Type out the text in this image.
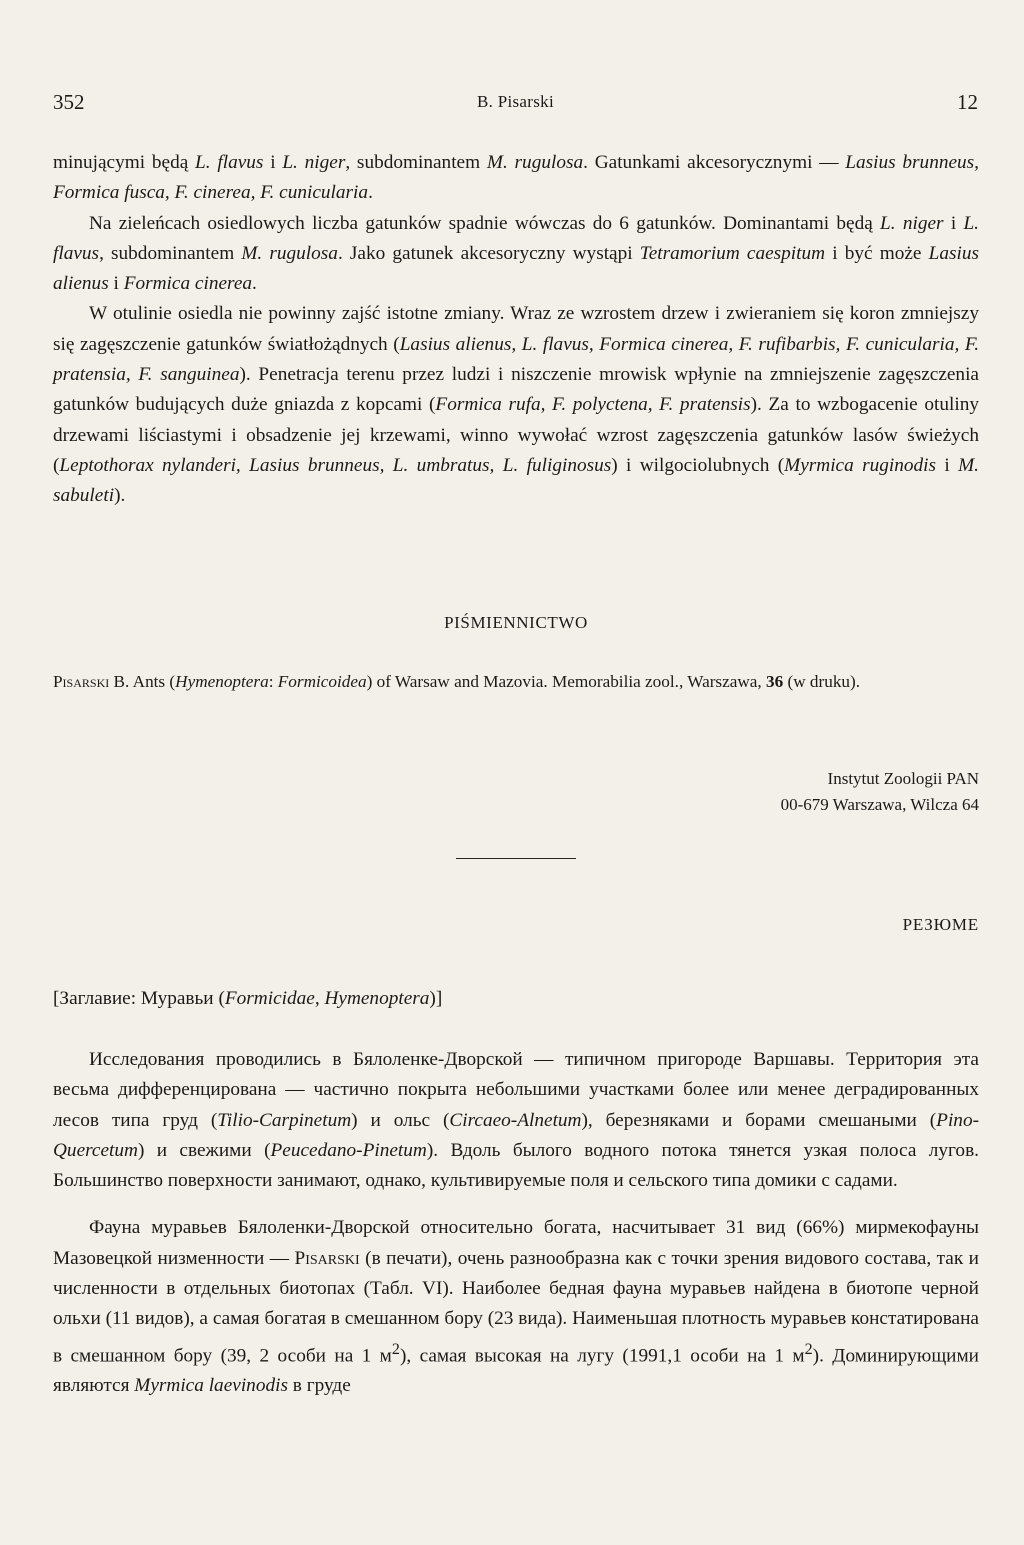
352	B. Pisarski	12

minującymi będą L. flavus i L. niger, subdominantem M. rugulosa. Gatunkami akcesorycznymi — Lasius brunneus, Formica fusca, F. cinerea, F. cunicularia.

Na zieleńcach osiedlowych liczba gatunków spadnie wówczas do 6 gatunków. Dominantami będą L. niger i L. flavus, subdominantem M. rugulosa. Jako gatunek akcesoryczny wystąpi Tetramorium caespitum i być może Lasius alienus i Formica cinerea.

W otulinie osiedla nie powinny zajść istotne zmiany. Wraz ze wzrostem drzew i zwieraniem się koron zmniejszy się zagęszczenie gatunków światłożądnych (Lasius alienus, L. flavus, Formica cinerea, F. rufibarbis, F. cunicularia, F. pratensia, F. sanguinea). Penetracja terenu przez ludzi i niszczenie mrowisk wpłynie na zmniejszenie zagęszczenia gatunków budujących duże gniazda z kopcami (Formica rufa, F. polyctena, F. pratensis). Za to wzbogacenie otuliny drzewami liściastymi i obsadzenie jej krzewami, winno wywołać wzrost zagęszczenia gatunków lasów świeżych (Leptothorax nylanderi, Lasius brunneus, L. umbratus, L. fuliginosus) i wilgociolubnych (Myrmica ruginodis i M. sabuleti).

PIŚMIENNICTWO
Pisarski B. Ants (Hymenoptera: Formicoidea) of Warsaw and Mazovia. Memorabilia zool., Warszawa, 36 (w druku).
Instytut Zoologii PAN
00-679 Warszawa, Wilcza 64
РЕЗЮМЕ
[Заглавие: Муравьи (Formicidae, Hymenoptera)]

Исследования проводились в Бялоленке-Дворской — типичном пригороде Варшавы. Территория эта весьма дифференцирована — частично покрыта небольшими участками более или менее деградированных лесов типа груд (Tilio-Carpinetum) и ольс (Circaeo-Alnetum), березняками и борами смешаными (Pino-Quercetum) и свежими (Peucedano-Pinetum). Вдоль былого водного потока тянется узкая полоса лугов. Большинство поверхности занимают, однако, культивируемые поля и сельского типа домики с садами.

Фауна муравьев Бялоленки-Дворской относительно богата, насчитывает 31 вид (66%) мирмекофауны Мазовецкой низменности — Pisarski (в печати), очень разнообразна как с точки зрения видового состава, так и численности в отдельных биотопах (Табл. VI). Наиболее бедная фауна муравьев найдена в биотопе черной ольхи (11 видов), а самая богатая в смешанном бору (23 вида). Наименьшая плотность муравьев констатирована в смешанном бору (39, 2 особи на 1 $м^2$), самая высокая на лугу (1991,1 особи на 1 $м^2$). Доминирующими являются Myrmica laevinodis в груде
